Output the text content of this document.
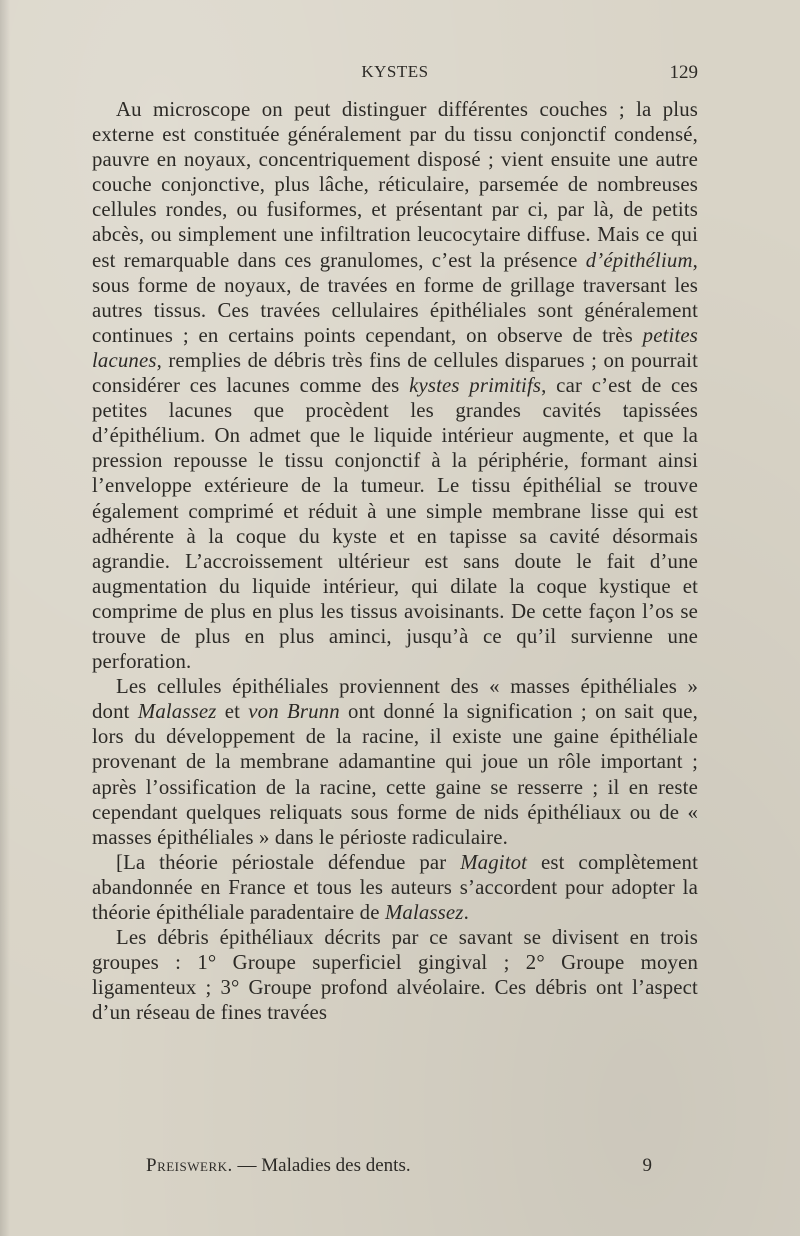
KYSTES	129

Au microscope on peut distinguer différentes couches ; la plus externe est constituée généralement par du tissu conjonctif condensé, pauvre en noyaux, concentriquement disposé ; vient ensuite une autre couche conjonctive, plus lâche, réticulaire, parsemée de nombreuses cellules rondes, ou fusiformes, et présentant par ci, par là, de petits abcès, ou simplement une infiltration leucocytaire diffuse. Mais ce qui est remarquable dans ces granulomes, c’est la présence d’épithélium, sous forme de noyaux, de travées en forme de grillage traversant les autres tissus. Ces travées cellulaires épithéliales sont généralement continues ; en certains points cependant, on observe de très petites lacunes, remplies de débris très fins de cellules disparues ; on pourrait considérer ces lacunes comme des kystes primitifs, car c’est de ces petites lacunes que procèdent les grandes cavités tapissées d’épithélium. On admet que le liquide intérieur augmente, et que la pression repousse le tissu conjonctif à la périphérie, formant ainsi l’enveloppe extérieure de la tumeur. Le tissu épithélial se trouve également comprimé et réduit à une simple membrane lisse qui est adhérente à la coque du kyste et en tapisse sa cavité désormais agrandie. L’accroissement ultérieur est sans doute le fait d’une augmentation du liquide intérieur, qui dilate la coque kystique et comprime de plus en plus les tissus avoisinants. De cette façon l’os se trouve de plus en plus aminci, jusqu’à ce qu’il survienne une perforation.

Les cellules épithéliales proviennent des « masses épithéliales » dont Malassez et von Brunn ont donné la signification ; on sait que, lors du développement de la racine, il existe une gaine épithéliale provenant de la membrane adamantine qui joue un rôle important ; après l’ossification de la racine, cette gaine se resserre ; il en reste cependant quelques reliquats sous forme de nids épithéliaux ou de « masses épithéliales » dans le périoste radiculaire.

[La théorie périostale défendue par Magitot est complètement abandonnée en France et tous les auteurs s’accordent pour adopter la théorie épithéliale paradentaire de Malassez.

Les débris épithéliaux décrits par ce savant se divisent en trois groupes : 1° Groupe superficiel gingival ; 2° Groupe moyen ligamenteux ; 3° Groupe profond alvéolaire. Ces débris ont l’aspect d’un réseau de fines travées

Preiswerk. — Maladies des dents.	9
